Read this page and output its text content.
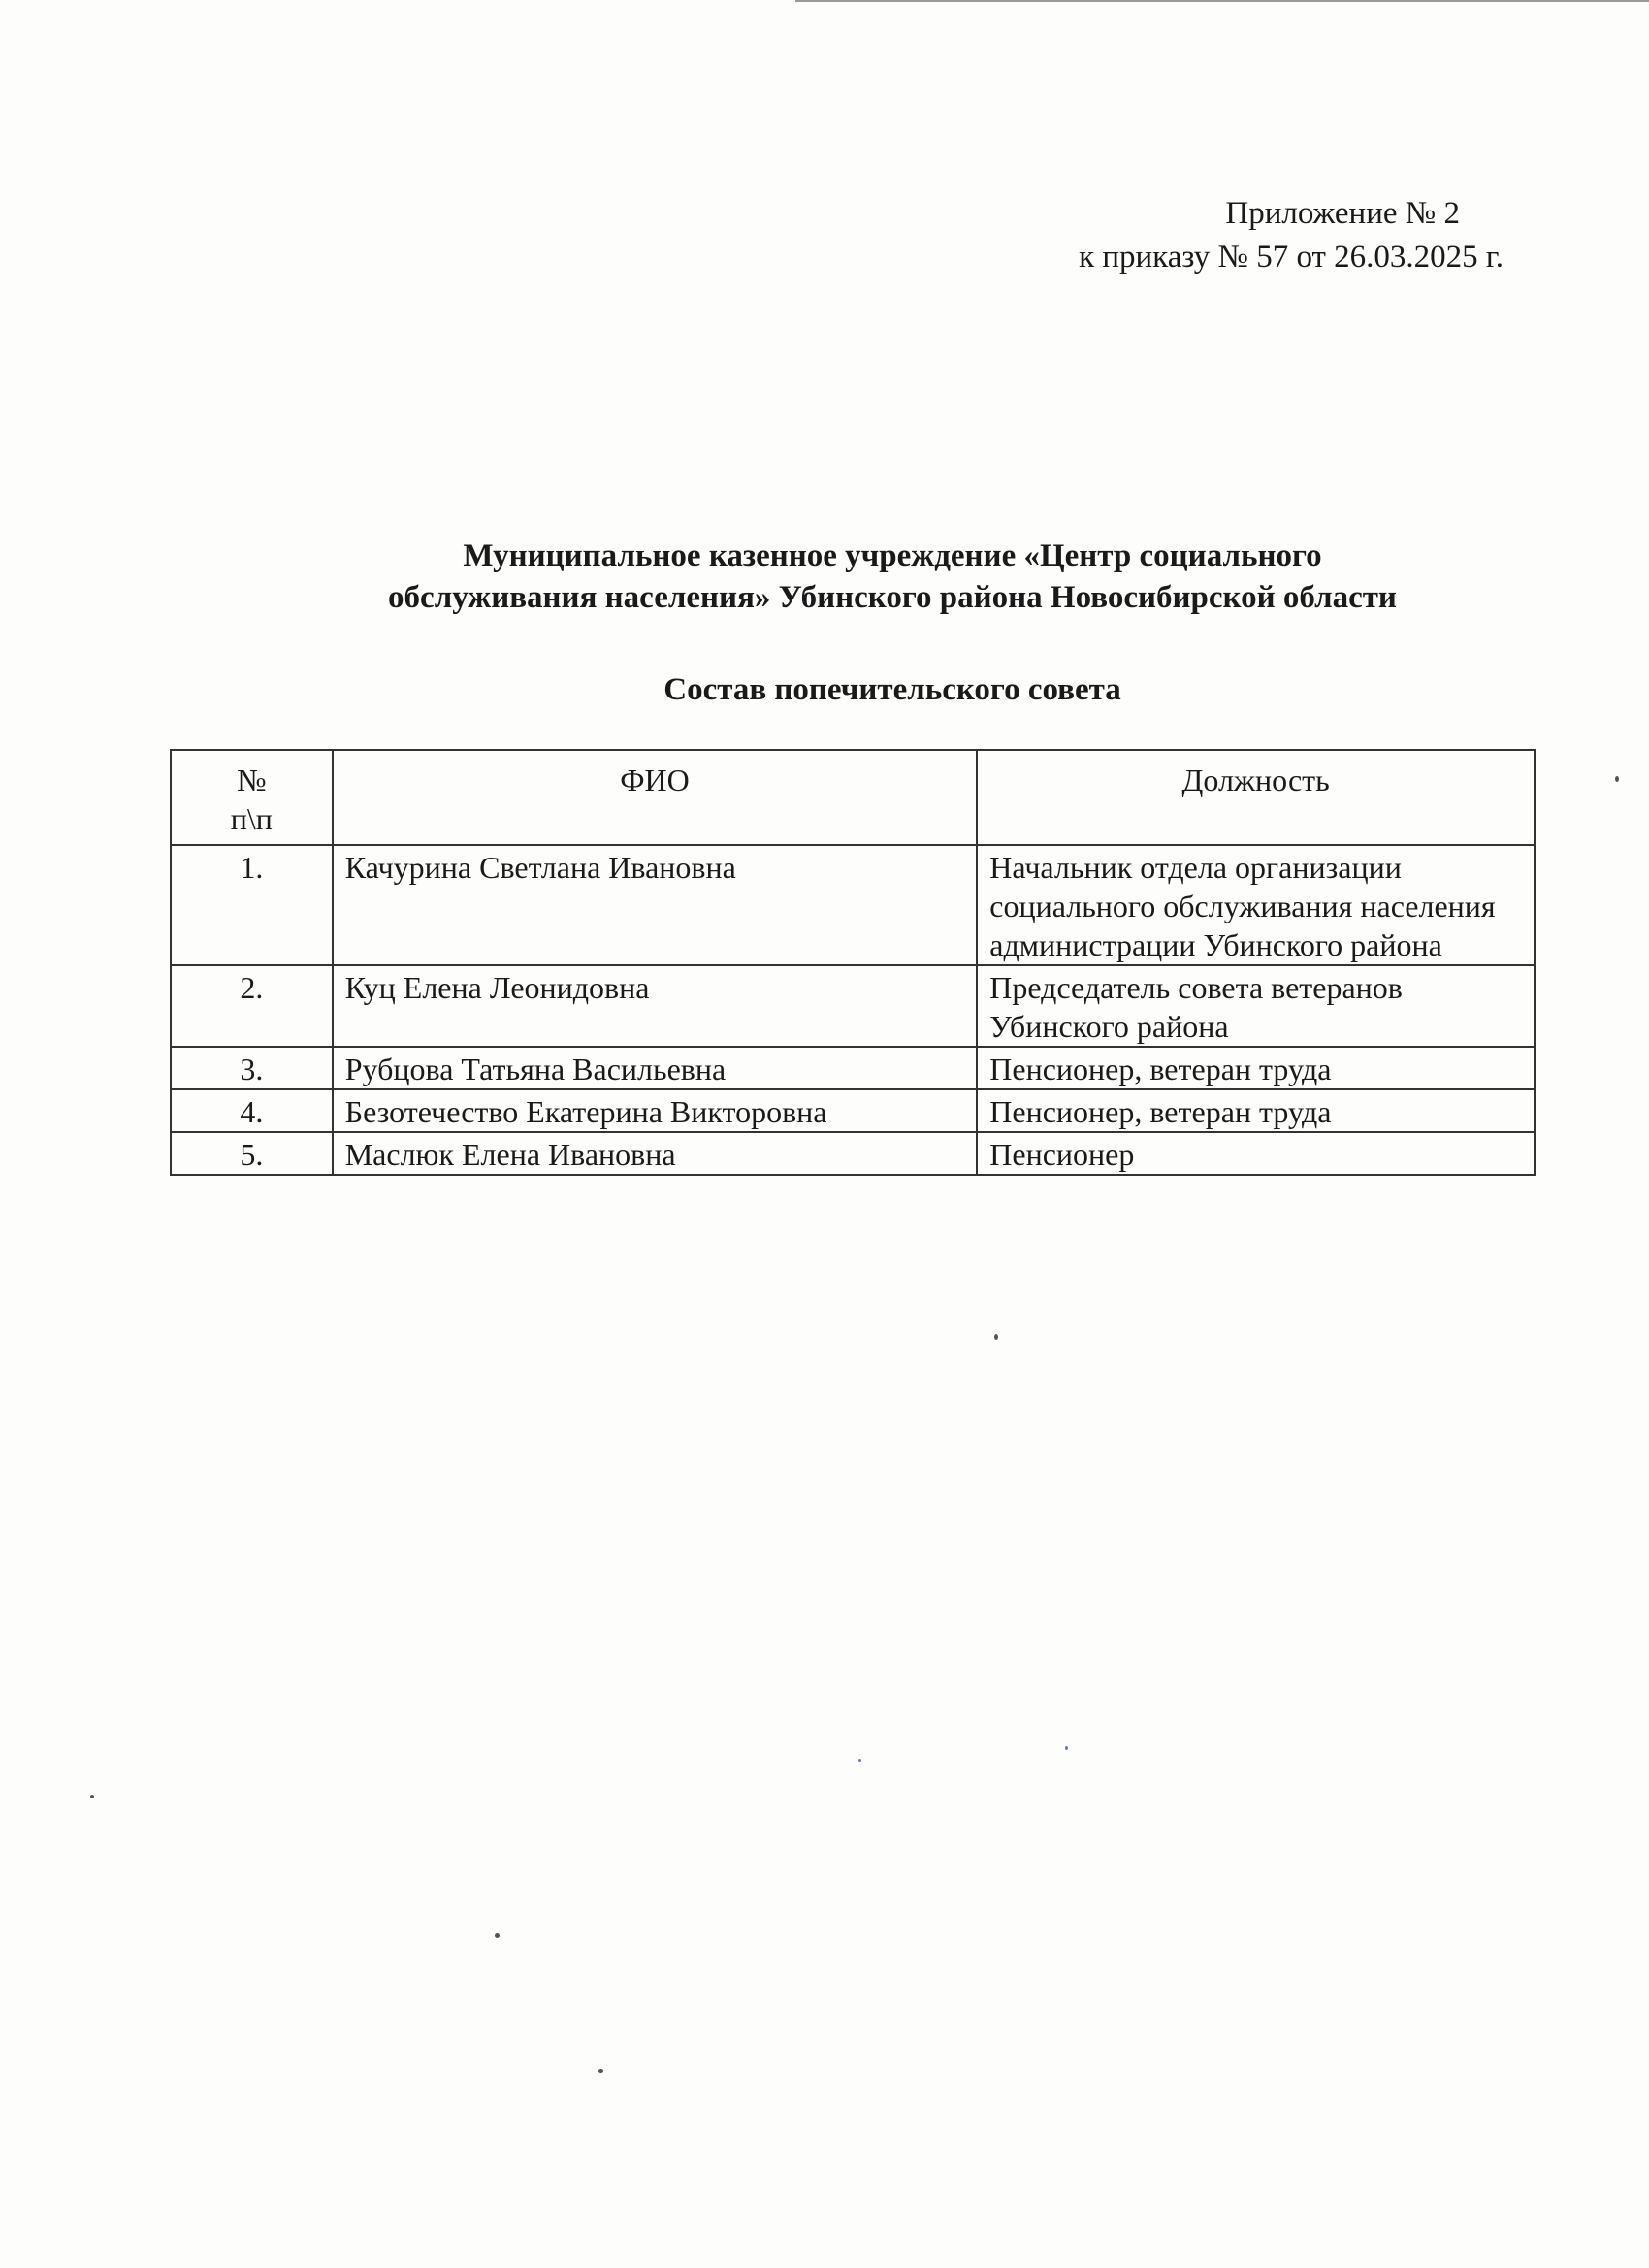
Приложение № 2
к приказу № 57 от 26.03.2025 г.
Муниципальное казенное учреждение «Центр социального
обслуживания населения» Убинского района Новосибирской области
Состав попечительского совета
№
п\п	ФИО	Должность
1.	Качурина Светлана Ивановна	Начальник отдела организации социального обслуживания населения администрации Убинского района
2.	Куц Елена Леонидовна	Председатель совета ветеранов Убинского района
3.	Рубцова Татьяна Васильевна	Пенсионер, ветеран труда
4.	Безотечество Екатерина Викторовна	Пенсионер, ветеран труда
5.	Маслюк Елена Ивановна	Пенсионер
